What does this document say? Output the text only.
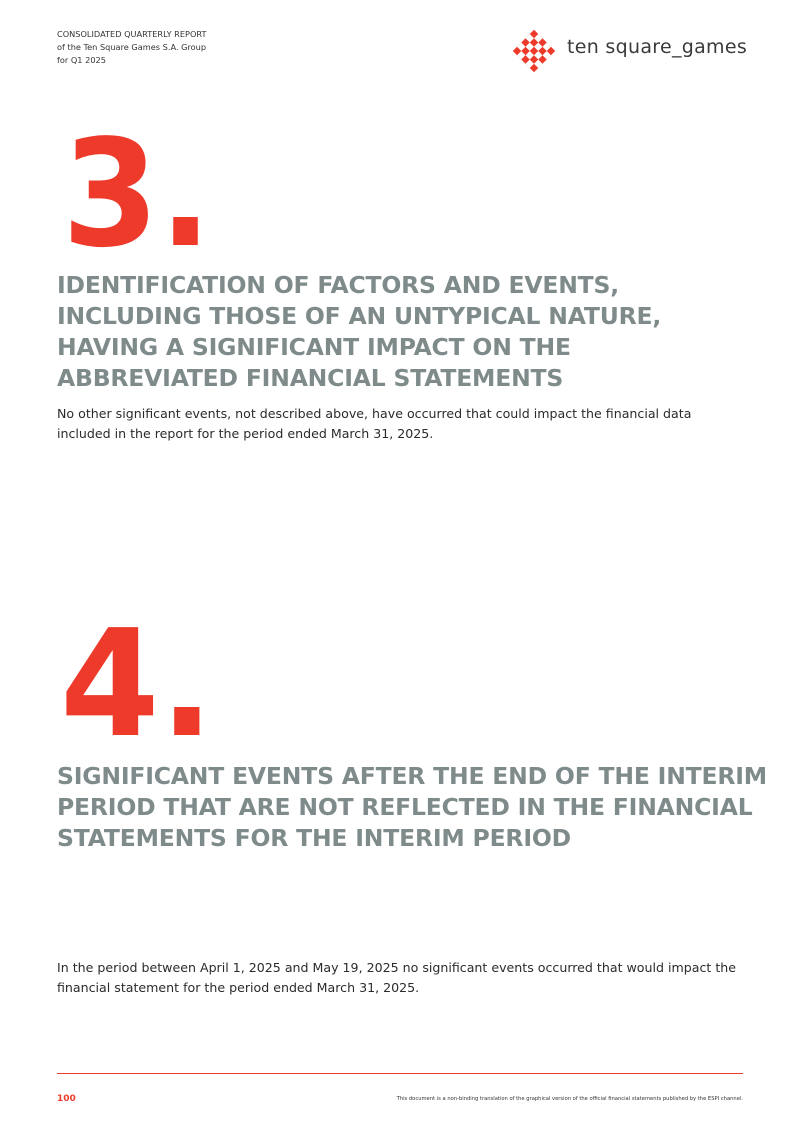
CONSOLIDATED QUARTERLY REPORT
of the Ten Square Games S.A. Group
for Q1 2025
ten square_games
3.
IDENTIFICATION OF FACTORS AND EVENTS,
INCLUDING THOSE OF AN UNTYPICAL NATURE,
HAVING A SIGNIFICANT IMPACT ON THE
ABBREVIATED FINANCIAL STATEMENTS
No other significant events, not described above, have occurred that could impact the financial data included in the report for the period ended March 31, 2025.
4.
SIGNIFICANT EVENTS AFTER THE END OF THE INTERIM
PERIOD THAT ARE NOT REFLECTED IN THE FINANCIAL
STATEMENTS FOR THE INTERIM PERIOD
In the period between April 1, 2025 and May 19, 2025 no significant events occurred that would impact the financial statement for the period ended March 31, 2025.
100	This document is a non-binding translation of the graphical version of the official financial statements published by the ESPI channel.
